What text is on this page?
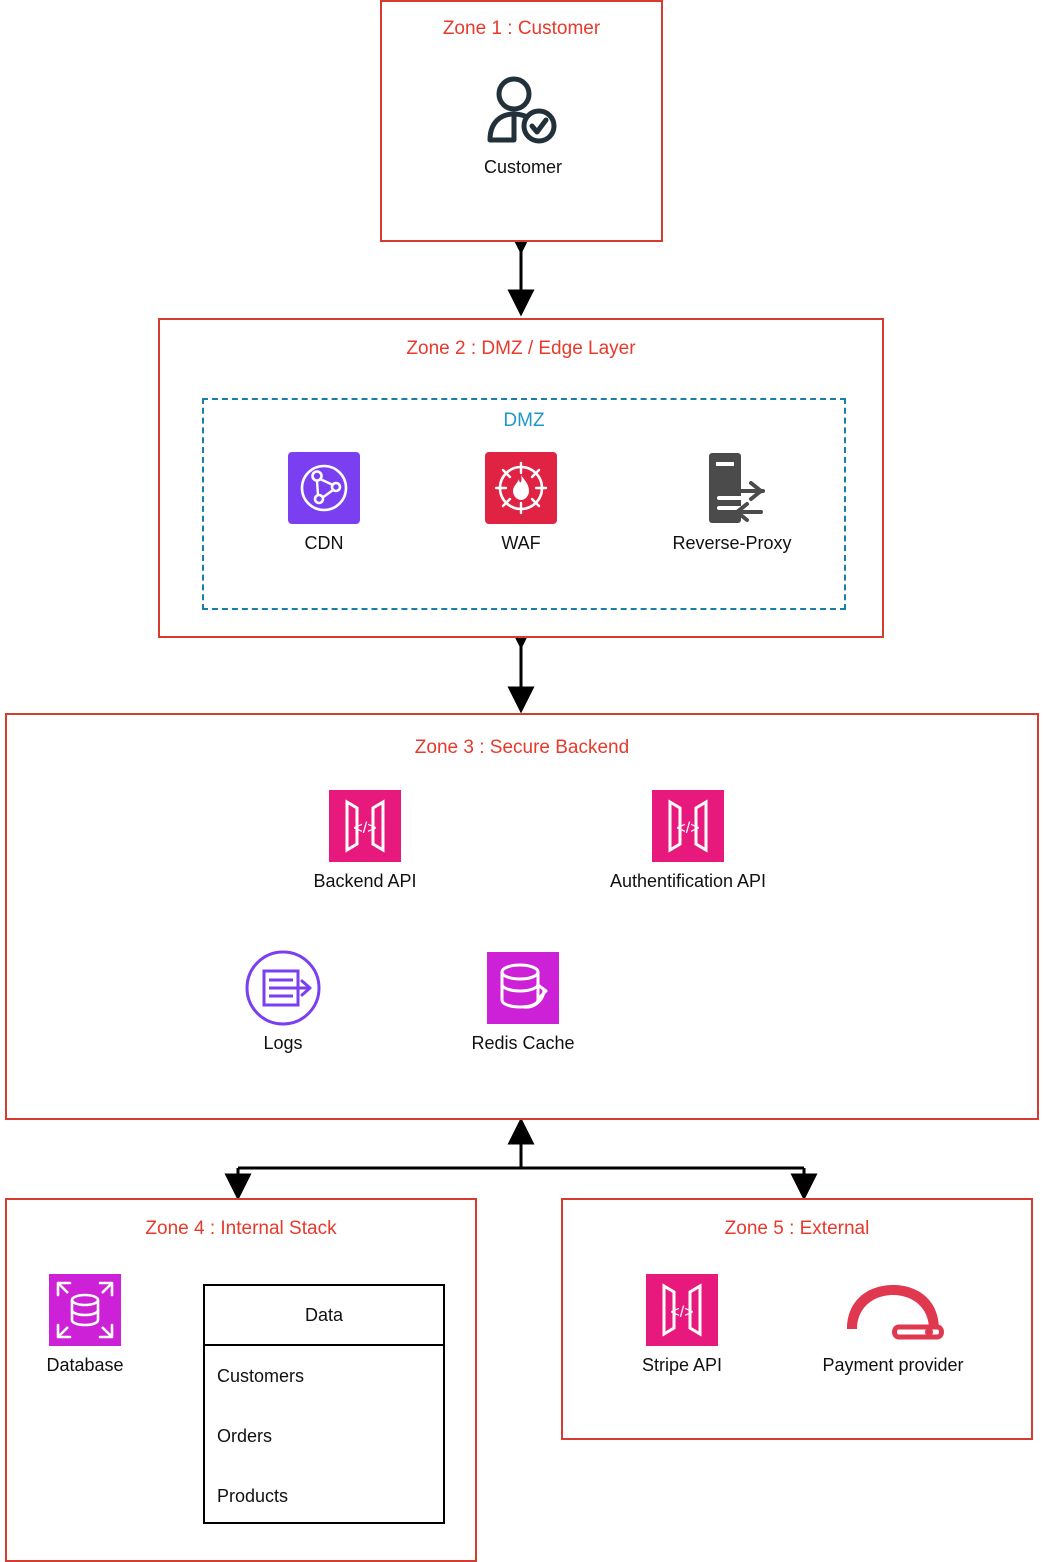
Zone 1 : Customer
Customer
Zone 2 : DMZ / Edge Layer
DMZ
CDN	WAF	Reverse-Proxy
Zone 3 : Secure Backend
</>
Backend API
</>
Authentification API
Logs	Redis Cache
Zone 4 : Internal Stack
Database
Data
Customers
Orders
Products
Zone 5 : External
</>
Stripe API	Payment provider
